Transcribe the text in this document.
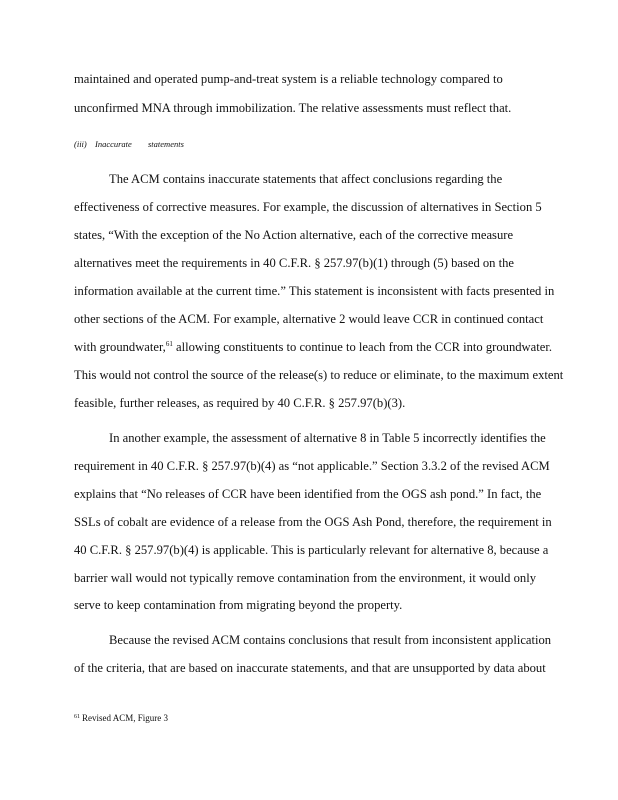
maintained and operated pump-and-treat system is a reliable technology compared to
unconfirmed MNA through immobilization. The relative assessments must reflect that.
(iii) Inaccurate statements
The ACM contains inaccurate statements that affect conclusions regarding the
effectiveness of corrective measures. For example, the discussion of alternatives in Section 5
states, “With the exception of the No Action alternative, each of the corrective measure
alternatives meet the requirements in 40 C.F.R. § 257.97(b)(1) through (5) based on the
information available at the current time.” This statement is inconsistent with facts presented in
other sections of the ACM. For example, alternative 2 would leave CCR in continued contact
with groundwater,$^{61}$ allowing constituents to continue to leach from the CCR into groundwater.
This would not control the source of the release(s) to reduce or eliminate, to the maximum extent
feasible, further releases, as required by 40 C.F.R. § 257.97(b)(3).
In another example, the assessment of alternative 8 in Table 5 incorrectly identifies the
requirement in 40 C.F.R. § 257.97(b)(4) as “not applicable.” Section 3.3.2 of the revised ACM
explains that “No releases of CCR have been identified from the OGS ash pond.” In fact, the
SSLs of cobalt are evidence of a release from the OGS Ash Pond, therefore, the requirement in
40 C.F.R. § 257.97(b)(4) is applicable. This is particularly relevant for alternative 8, because a
barrier wall would not typically remove contamination from the environment, it would only
serve to keep contamination from migrating beyond the property.
Because the revised ACM contains conclusions that result from inconsistent application
of the criteria, that are based on inaccurate statements, and that are unsupported by data about
$^{61}$ Revised ACM, Figure 3
